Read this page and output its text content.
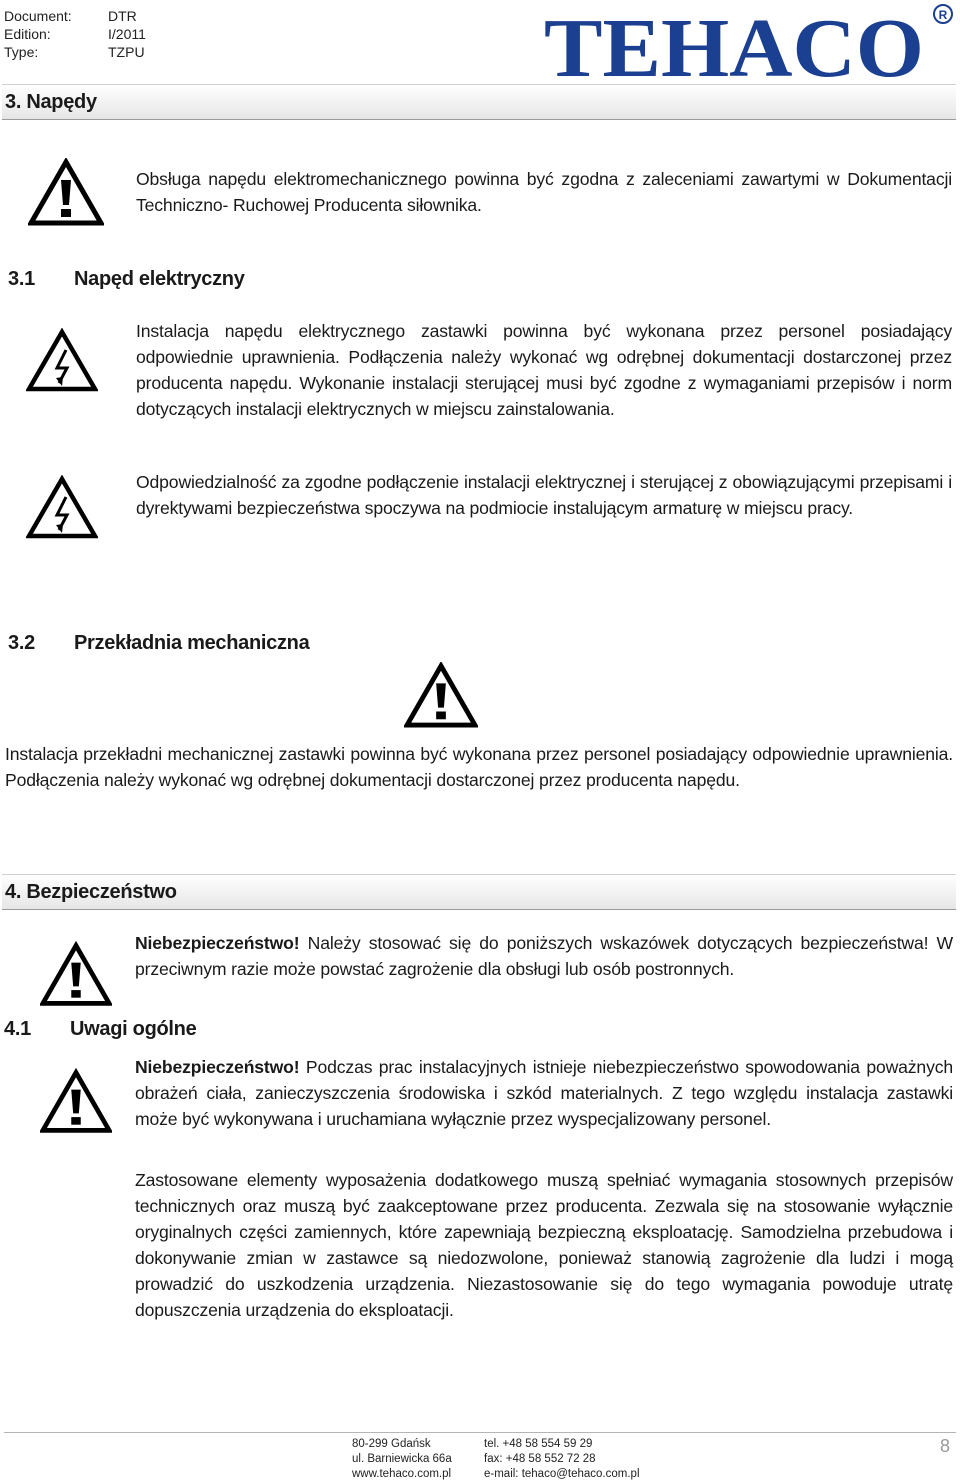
Document:	DTR
Edition:	I/2011
Type:	TZPU	TEHACO R
3. Napędy
Obsługa napędu elektromechanicznego powinna być zgodna z zaleceniami zawartymi w Dokumentacji Techniczno- Ruchowej Producenta siłownika.
3.1 Napęd elektryczny
Instalacja napędu elektrycznego zastawki powinna być wykonana przez personel posiadający odpowiednie uprawnienia. Podłączenia należy wykonać wg odrębnej dokumentacji dostarczonej przez producenta napędu. Wykonanie instalacji sterującej musi być zgodne z wymaganiami przepisów i norm dotyczących instalacji elektrycznych w miejscu zainstalowania.
Odpowiedzialność za zgodne podłączenie instalacji elektrycznej i sterującej z obowiązującymi przepisami i dyrektywami bezpieczeństwa spoczywa na podmiocie instalującym armaturę w miejscu pracy.
3.2 Przekładnia mechaniczna
Instalacja przekładni mechanicznej zastawki powinna być wykonana przez personel posiadający odpowiednie uprawnienia. Podłączenia należy wykonać wg odrębnej dokumentacji dostarczonej przez producenta napędu.
4. Bezpieczeństwo
Niebezpieczeństwo! Należy stosować się do poniższych wskazówek dotyczących bezpieczeństwa! W przeciwnym razie może powstać zagrożenie dla obsługi lub osób postronnych.
4.1 Uwagi ogólne
Niebezpieczeństwo! Podczas prac instalacyjnych istnieje niebezpieczeństwo spowodowania poważnych obrażeń ciała, zanieczyszczenia środowiska i szkód materialnych. Z tego względu instalacja zastawki może być wykonywana i uruchamiana wyłącznie przez wyspecjalizowany personel.
Zastosowane elementy wyposażenia dodatkowego muszą spełniać wymagania stosownych przepisów technicznych oraz muszą być zaakceptowane przez producenta. Zezwala się na stosowanie wyłącznie oryginalnych części zamiennych, które zapewniają bezpieczną eksploatację. Samodzielna przebudowa i dokonywanie zmian w zastawce są niedozwolone, ponieważ stanowią zagrożenie dla ludzi i mogą prowadzić do uszkodzenia urządzenia. Niezastosowanie się do tego wymagania powoduje utratę dopuszczenia urządzenia do eksploatacji.
80-299 Gdańsk
ul. Barniewicka 66a
www.tehaco.com.pl
tel. +48 58 554 59 29
fax: +48 58 552 72 28
e-mail: tehaco@tehaco.com.pl
8
